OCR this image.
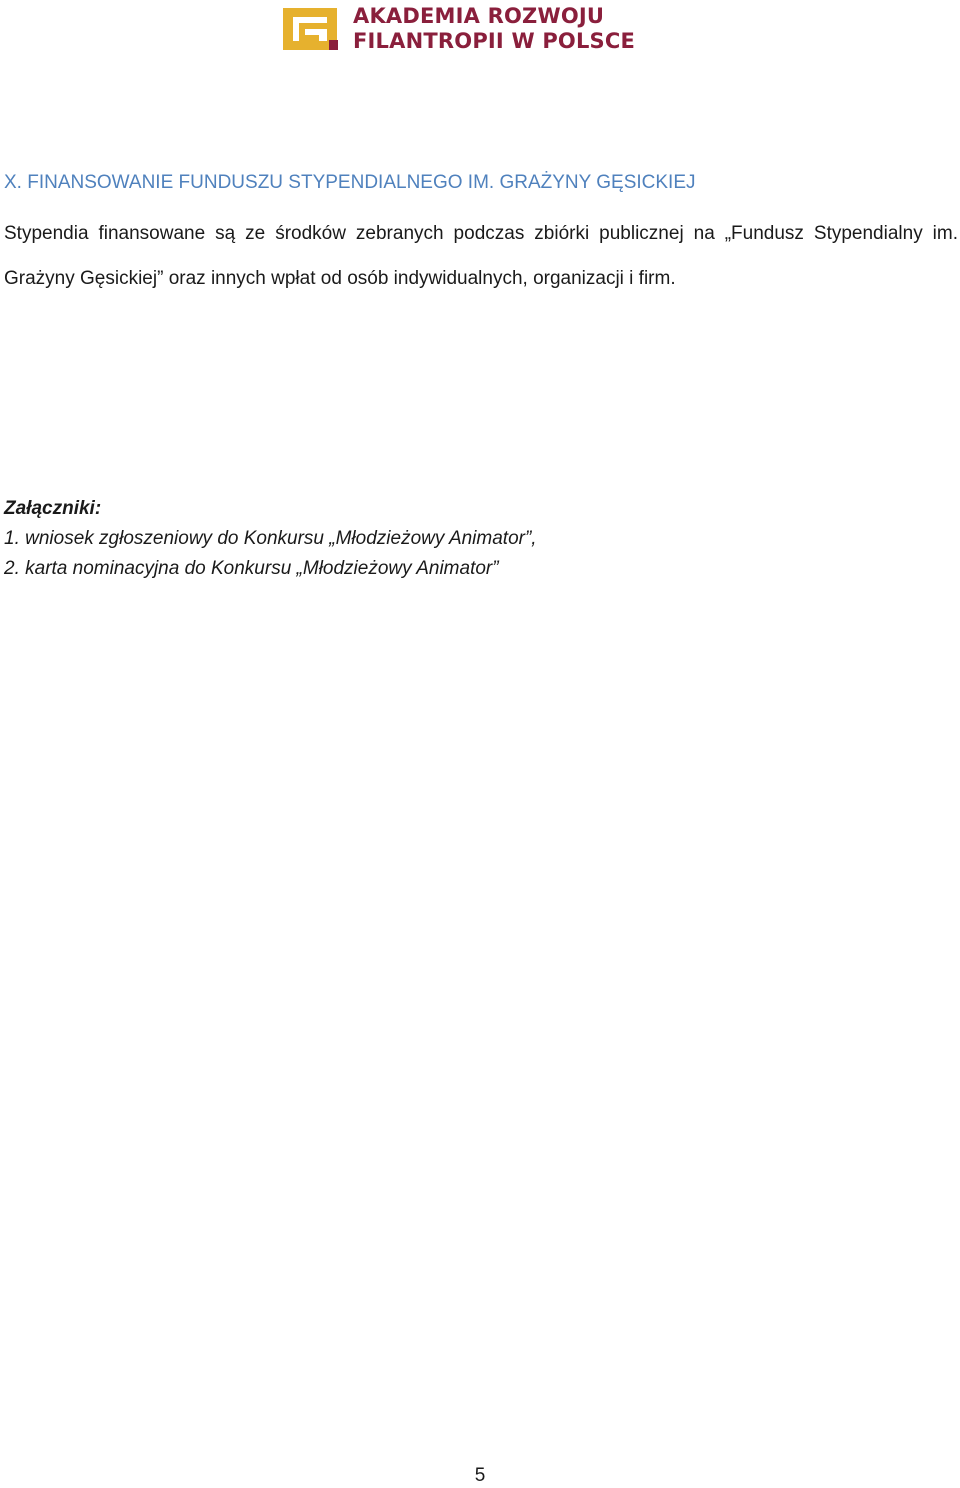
AKADEMIA ROZWOJU
FILANTROPII W POLSCE
X. FINANSOWANIE FUNDUSZU STYPENDIALNEGO IM. GRAŻYNY GĘSICKIEJ

Stypendia finansowane są ze środków zebranych podczas zbiórki publicznej na „Fundusz Stypendialny im. Grażyny Gęsickiej” oraz innych wpłat od osób indywidualnych, organizacji i firm.

Załączniki:

1. wniosek zgłoszeniowy do Konkursu „Młodzieżowy Animator”,
2. karta nominacyjna do Konkursu „Młodzieżowy Animator”
5
